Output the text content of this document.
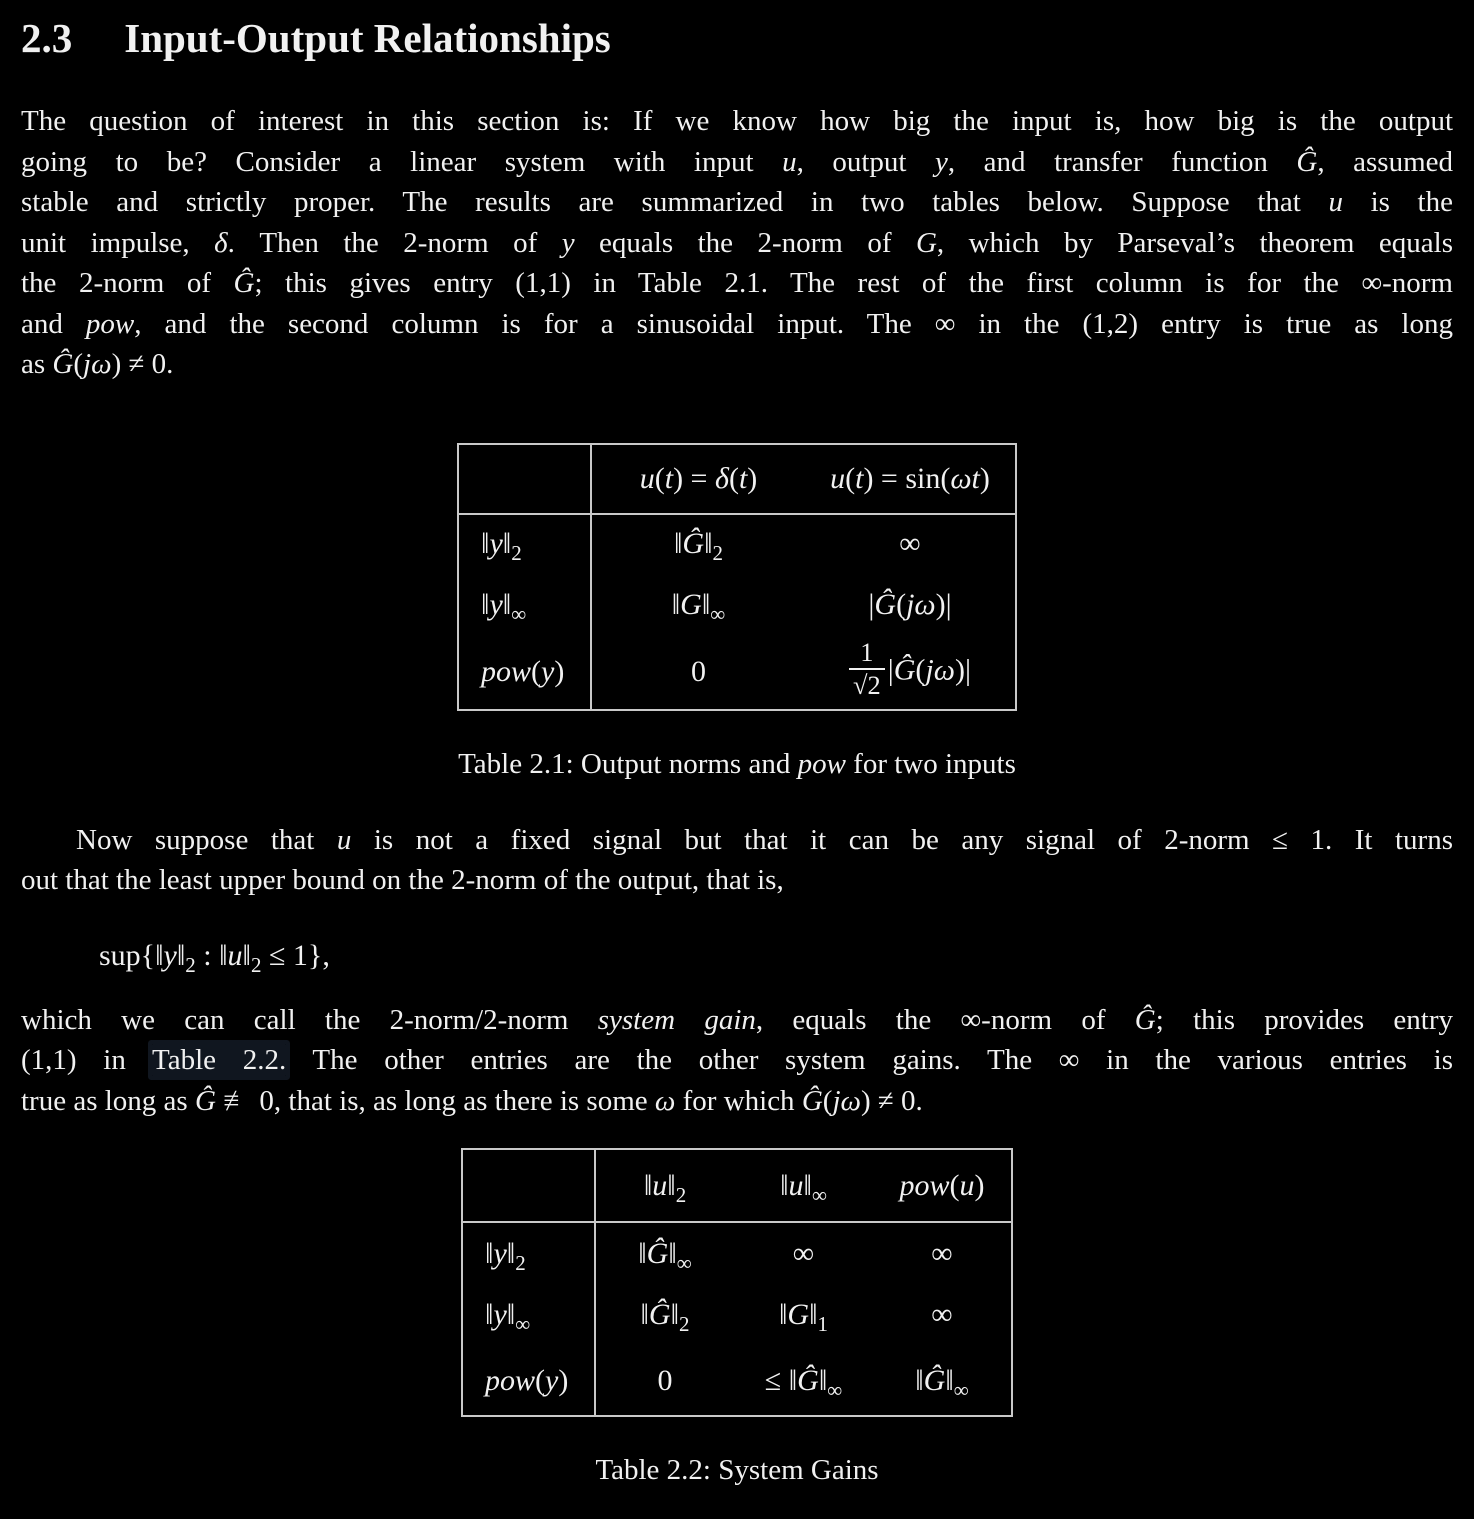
2.3 Input-Output Relationships
The question of interest in this section is: If we know how big the input is, how big is the output
going to be? Consider a linear system with input u, output y, and transfer function Ĝ, assumed
stable and strictly proper. The results are summarized in two tables below. Suppose that u is the
unit impulse, δ. Then the 2-norm of y equals the 2-norm of G, which by Parseval’s theorem equals
the 2-norm of Ĝ; this gives entry (1,1) in Table 2.1. The rest of the first column is for the ∞-norm
and pow, and the second column is for a sinusoidal input. The ∞ in the (1,2) entry is true as long
as Ĝ(jω) ≠ 0.
	u(t) = δ(t)	u(t) = sin(ωt)
$‖y‖_2$	$‖Ĝ‖_2$	∞
$‖y‖_\infty$	$‖G‖_\infty$	|Ĝ(jω)|
pow(y)	0	$\frac{1}{√2}$ |Ĝ(jω)|
Table 2.1: Output norms and pow for two inputs
Now suppose that u is not a fixed signal but that it can be any signal of 2-norm ≤ 1. It turns
out that the least upper bound on the 2-norm of the output, that is,
$sup\{‖y‖_2$ : $‖u‖_2 \le 1$},
which we can call the 2-norm/2-norm system gain, equals the ∞-norm of Ĝ; this provides entry
(1,1) in Table 2.2. The other entries are the other system gains. The ∞ in the various entries is
true as long as Ĝ ≢ 0, that is, as long as there is some ω for which Ĝ(jω) ≠ 0.
	$‖u‖_2$	$‖u‖_\infty$	pow(u)
$‖y‖_2$	$‖Ĝ‖_\infty$	∞	∞
$‖y‖_\infty$	$‖Ĝ‖_2$	$‖G‖_1$	∞
pow(y)	0	≤ $‖Ĝ‖_\infty$	$‖Ĝ‖_\infty$
Table 2.2: System Gains
